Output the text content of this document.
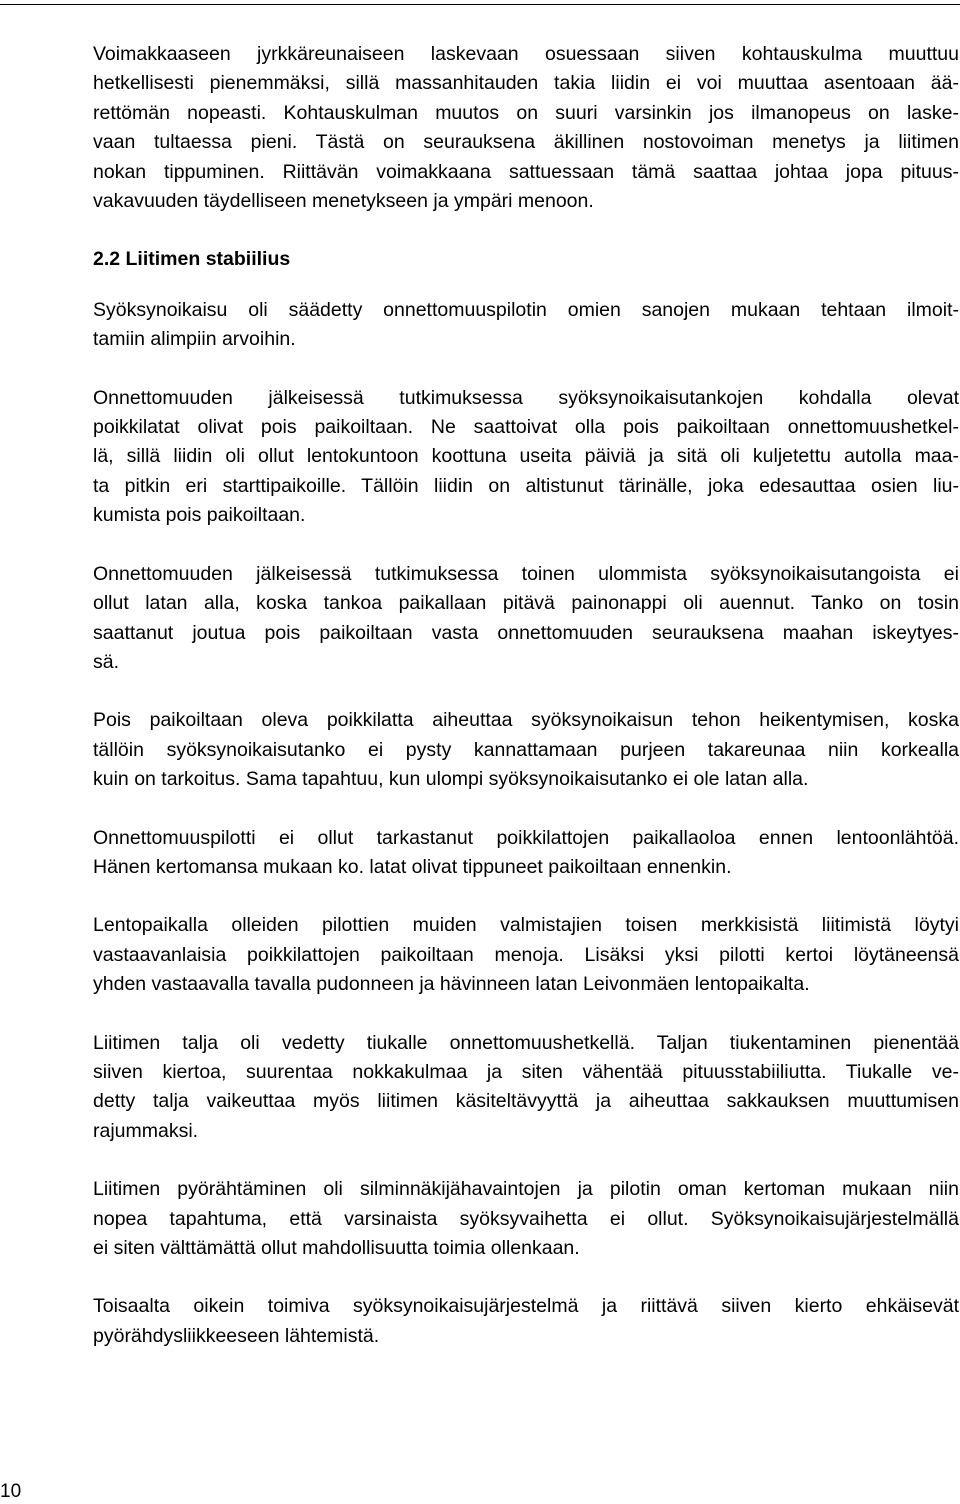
Voimakkaaseen jyrkkäreunaiseen laskevaan osuessaan siiven kohtauskulma muuttuu
hetkellisesti pienemmäksi, sillä massanhitauden takia liidin ei voi muuttaa asentoaan ää-
rettömän nopeasti. Kohtauskulman muutos on suuri varsinkin jos ilmanopeus on laske-
vaan tultaessa pieni. Tästä on seurauksena äkillinen nostovoiman menetys ja liitimen
nokan tippuminen. Riittävän voimakkaana sattuessaan tämä saattaa johtaa jopa pituus-
vakavuuden täydelliseen menetykseen ja ympäri menoon.
2.2 Liitimen stabiilius
Syöksynoikaisu oli säädetty onnettomuuspilotin omien sanojen mukaan tehtaan ilmoit-
tamiin alimpiin arvoihin.
Onnettomuuden jälkeisessä tutkimuksessa syöksynoikaisutankojen kohdalla olevat
poikkilatat olivat pois paikoiltaan. Ne saattoivat olla pois paikoiltaan onnettomuushetkel-
lä, sillä liidin oli ollut lentokuntoon koottuna useita päiviä ja sitä oli kuljetettu autolla maa-
ta pitkin eri starttipaikoille. Tällöin liidin on altistunut tärinälle, joka edesauttaa osien liu-
kumista pois paikoiltaan.
Onnettomuuden jälkeisessä tutkimuksessa toinen ulommista syöksynoikaisutangoista ei
ollut latan alla, koska tankoa paikallaan pitävä painonappi oli auennut. Tanko on tosin
saattanut joutua pois paikoiltaan vasta onnettomuuden seurauksena maahan iskeytyes-
sä.
Pois paikoiltaan oleva poikkilatta aiheuttaa syöksynoikaisun tehon heikentymisen, koska
tällöin syöksynoikaisutanko ei pysty kannattamaan purjeen takareunaa niin korkealla
kuin on tarkoitus. Sama tapahtuu, kun ulompi syöksynoikaisutanko ei ole latan alla.
Onnettomuuspilotti ei ollut tarkastanut poikkilattojen paikallaoloa ennen lentoonlähtöä.
Hänen kertomansa mukaan ko. latat olivat tippuneet paikoiltaan ennenkin.
Lentopaikalla olleiden pilottien muiden valmistajien toisen merkkisistä liitimistä löytyi
vastaavanlaisia poikkilattojen paikoiltaan menoja. Lisäksi yksi pilotti kertoi löytäneensä
yhden vastaavalla tavalla pudonneen ja hävinneen latan Leivonmäen lentopaikalta.
Liitimen talja oli vedetty tiukalle onnettomuushetkellä. Taljan tiukentaminen pienentää
siiven kiertoa, suurentaa nokkakulmaa ja siten vähentää pituusstabiiliutta. Tiukalle ve-
detty talja vaikeuttaa myös liitimen käsiteltävyyttä ja aiheuttaa sakkauksen muuttumisen
rajummaksi.
Liitimen pyörähtäminen oli silminnäkijähavaintojen ja pilotin oman kertoman mukaan niin
nopea tapahtuma, että varsinaista syöksyvaihetta ei ollut. Syöksynoikaisujärjestelmällä
ei siten välttämättä ollut mahdollisuutta toimia ollenkaan.
Toisaalta oikein toimiva syöksynoikaisujärjestelmä ja riittävä siiven kierto ehkäisevät
pyörähdysliikkeeseen lähtemistä.
10
